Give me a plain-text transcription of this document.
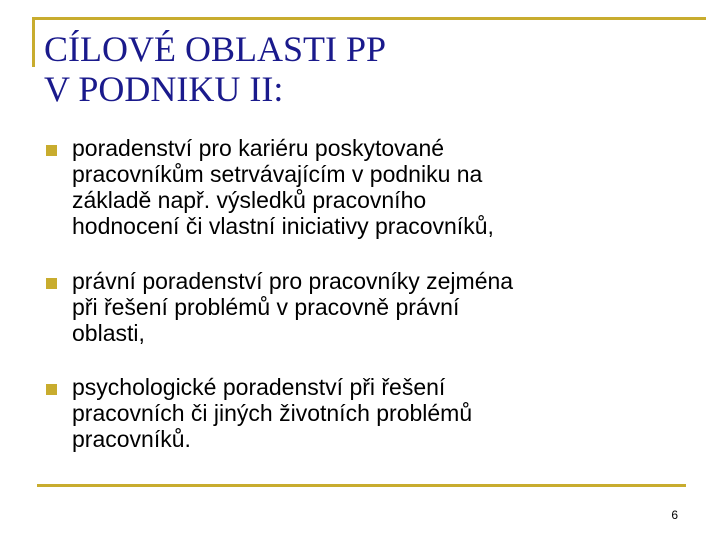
CÍLOVÉ OBLASTI PP
V PODNIKU II:
poradenství pro kariéru poskytované
pracovníkům setrvávajícím v podniku na
základě např. výsledků pracovního
hodnocení či vlastní iniciativy pracovníků,
právní poradenství pro pracovníky zejména
při řešení problémů v pracovně právní
oblasti,
psychologické poradenství při řešení
pracovních či jiných životních problémů
pracovníků.
6
